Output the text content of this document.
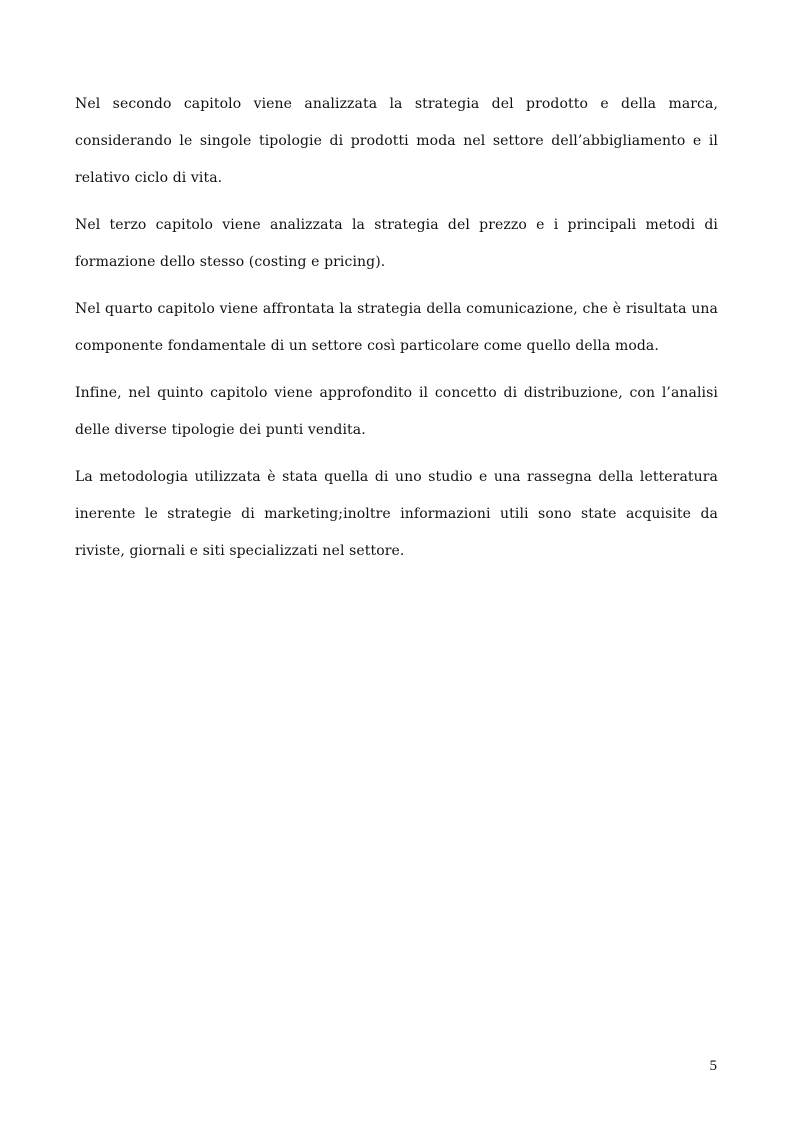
Nel secondo capitolo viene analizzata la strategia del prodotto e della marca, considerando le singole tipologie di prodotti moda nel settore dell’abbigliamento e il relativo ciclo di vita.

Nel terzo capitolo viene analizzata la strategia del prezzo e i principali metodi di formazione dello stesso (costing e pricing).

Nel quarto capitolo viene affrontata la strategia della comunicazione, che è risultata una componente fondamentale di un settore così particolare come quello della moda.

Infine, nel quinto capitolo viene approfondito il concetto di distribuzione, con l’analisi delle diverse tipologie dei punti vendita.

La metodologia utilizzata è stata quella di uno studio e una rassegna della letteratura inerente le strategie di marketing;inoltre informazioni utili sono state acquisite da riviste, giornali e siti specializzati nel settore.

5
